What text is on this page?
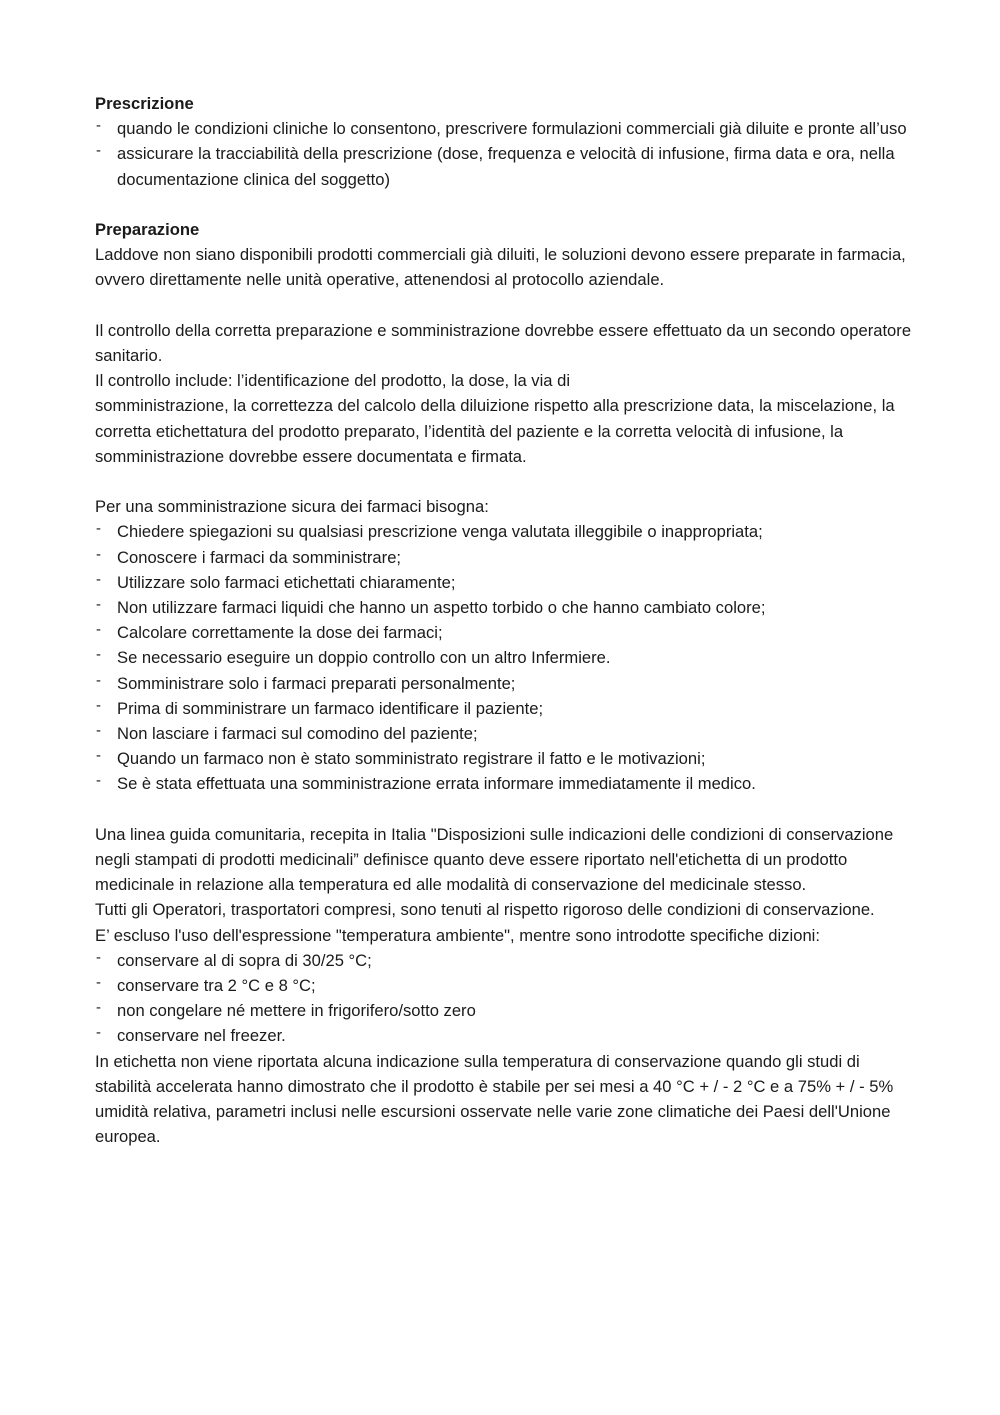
Prescrizione

- quando le condizioni cliniche lo consentono, prescrivere formulazioni commerciali già diluite e pronte all’uso
- assicurare la tracciabilità della prescrizione (dose, frequenza e velocità di infusione, firma data e ora, nella documentazione clinica del soggetto)

Preparazione

Laddove non siano disponibili prodotti commerciali già diluiti, le soluzioni devono essere preparate in farmacia, ovvero direttamente nelle unità operative, attenendosi al protocollo aziendale.

Il controllo della corretta preparazione e somministrazione dovrebbe essere effettuato da un secondo operatore sanitario.

Il controllo include: l’identificazione del prodotto, la dose, la via di

somministrazione, la correttezza del calcolo della diluizione rispetto alla prescrizione data, la miscelazione, la corretta etichettatura del prodotto preparato, l’identità del paziente e la corretta velocità di infusione, la somministrazione dovrebbe essere documentata e firmata.

Per una somministrazione sicura dei farmaci bisogna:

- Chiedere spiegazioni su qualsiasi prescrizione venga valutata illeggibile o inappropriata;
- Conoscere i farmaci da somministrare;
- Utilizzare solo farmaci etichettati chiaramente;
- Non utilizzare farmaci liquidi che hanno un aspetto torbido o che hanno cambiato colore;
- Calcolare correttamente la dose dei farmaci;
- Se necessario eseguire un doppio controllo con un altro Infermiere.
- Somministrare solo i farmaci preparati personalmente;
- Prima di somministrare un farmaco identificare il paziente;
- Non lasciare i farmaci sul comodino del paziente;
- Quando un farmaco non è stato somministrato registrare il fatto e le motivazioni;
- Se è stata effettuata una somministrazione errata informare immediatamente il medico.

Una linea guida comunitaria, recepita in Italia "Disposizioni sulle indicazioni delle condizioni di conservazione negli stampati di prodotti medicinali” definisce quanto deve essere riportato nell'etichetta di un prodotto medicinale in relazione alla temperatura ed alle modalità di conservazione del medicinale stesso.

Tutti gli Operatori, trasportatori compresi, sono tenuti al rispetto rigoroso delle condizioni di conservazione.

E’ escluso l'uso dell'espressione "temperatura ambiente", mentre sono introdotte specifiche dizioni:

- conservare al di sopra di 30/25 °C;
- conservare tra 2 °C e 8 °C;
- non congelare né mettere in frigorifero/sotto zero
- conservare nel freezer.

In etichetta non viene riportata alcuna indicazione sulla temperatura di conservazione quando gli studi di stabilità accelerata hanno dimostrato che il prodotto è stabile per sei mesi a 40 °C + / - 2 °C e a 75% + / - 5% umidità relativa, parametri inclusi nelle escursioni osservate nelle varie zone climatiche dei Paesi dell'Unione europea.
